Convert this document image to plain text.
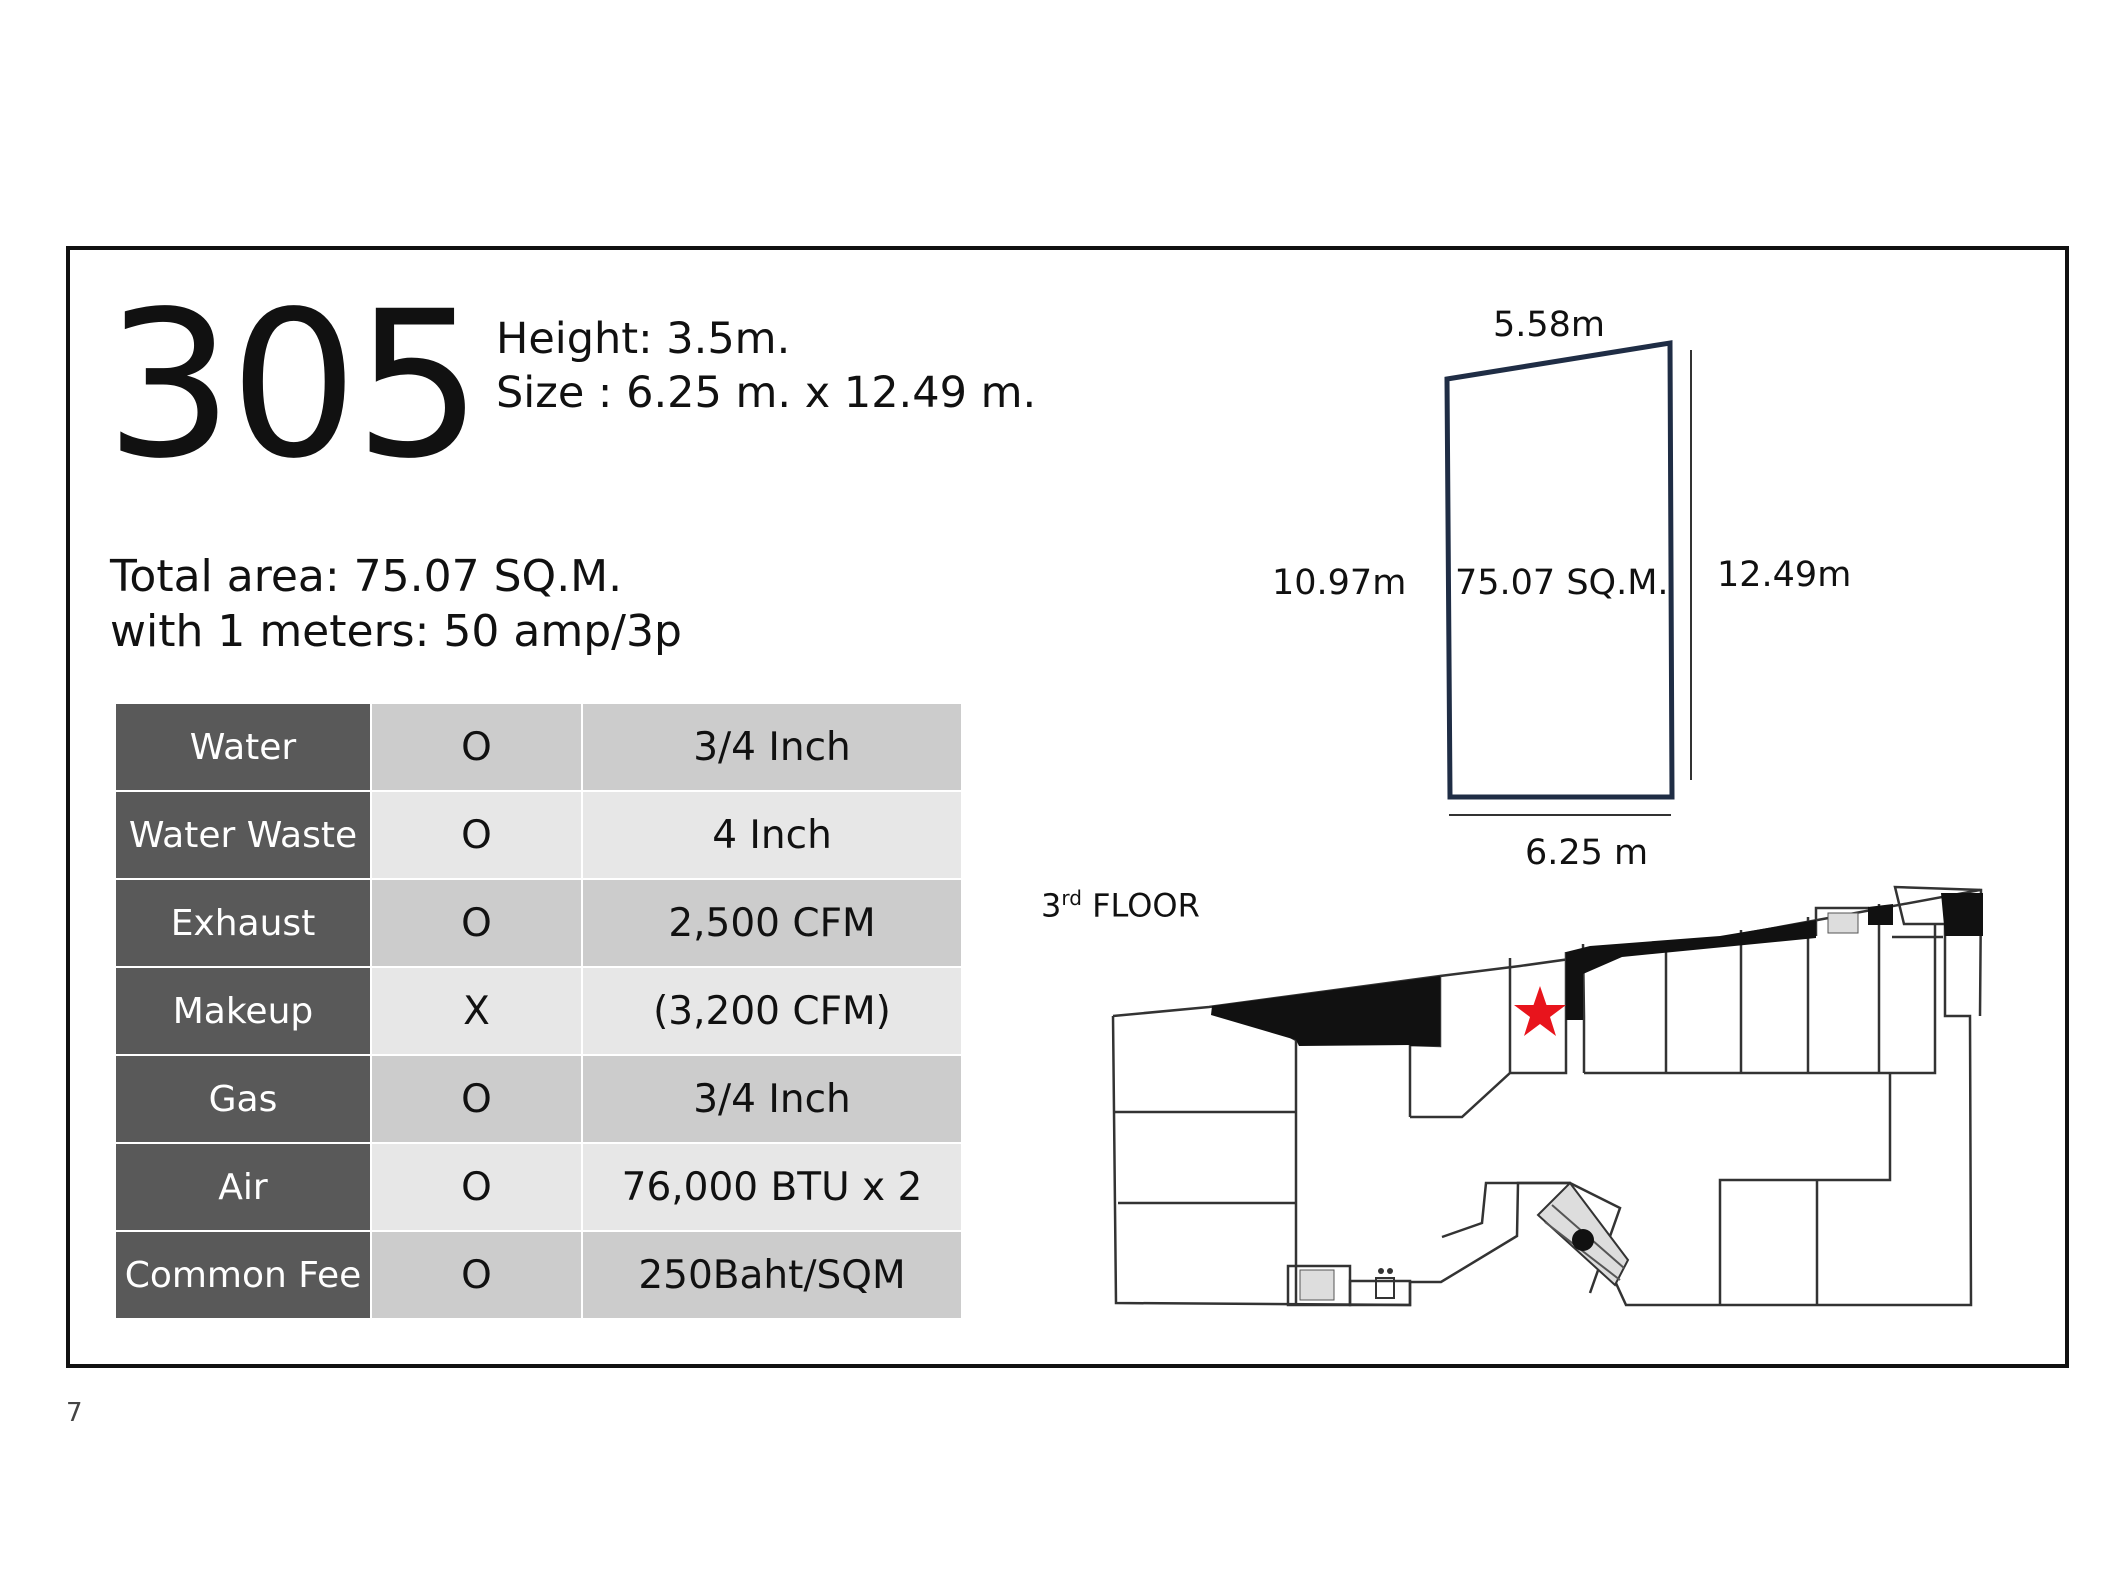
305 Height: 3.5m.
Size : 6.25 m. x 12.49 m.
Total area: 75.07 SQ.M.
with 1 meters: 50 amp/3p
Water	O	3/4 Inch
Water Waste	O	4 Inch
Exhaust	O	2,500 CFM
Makeup	X	(3,200 CFM)
Gas	O	3/4 Inch
Air	O	76,000 BTU x 2
Common Fee	O	250Baht/SQM
5.58m
10.97m 75.07 SQ.M. 12.49m
6.25 m
3rd FLOOR
7
